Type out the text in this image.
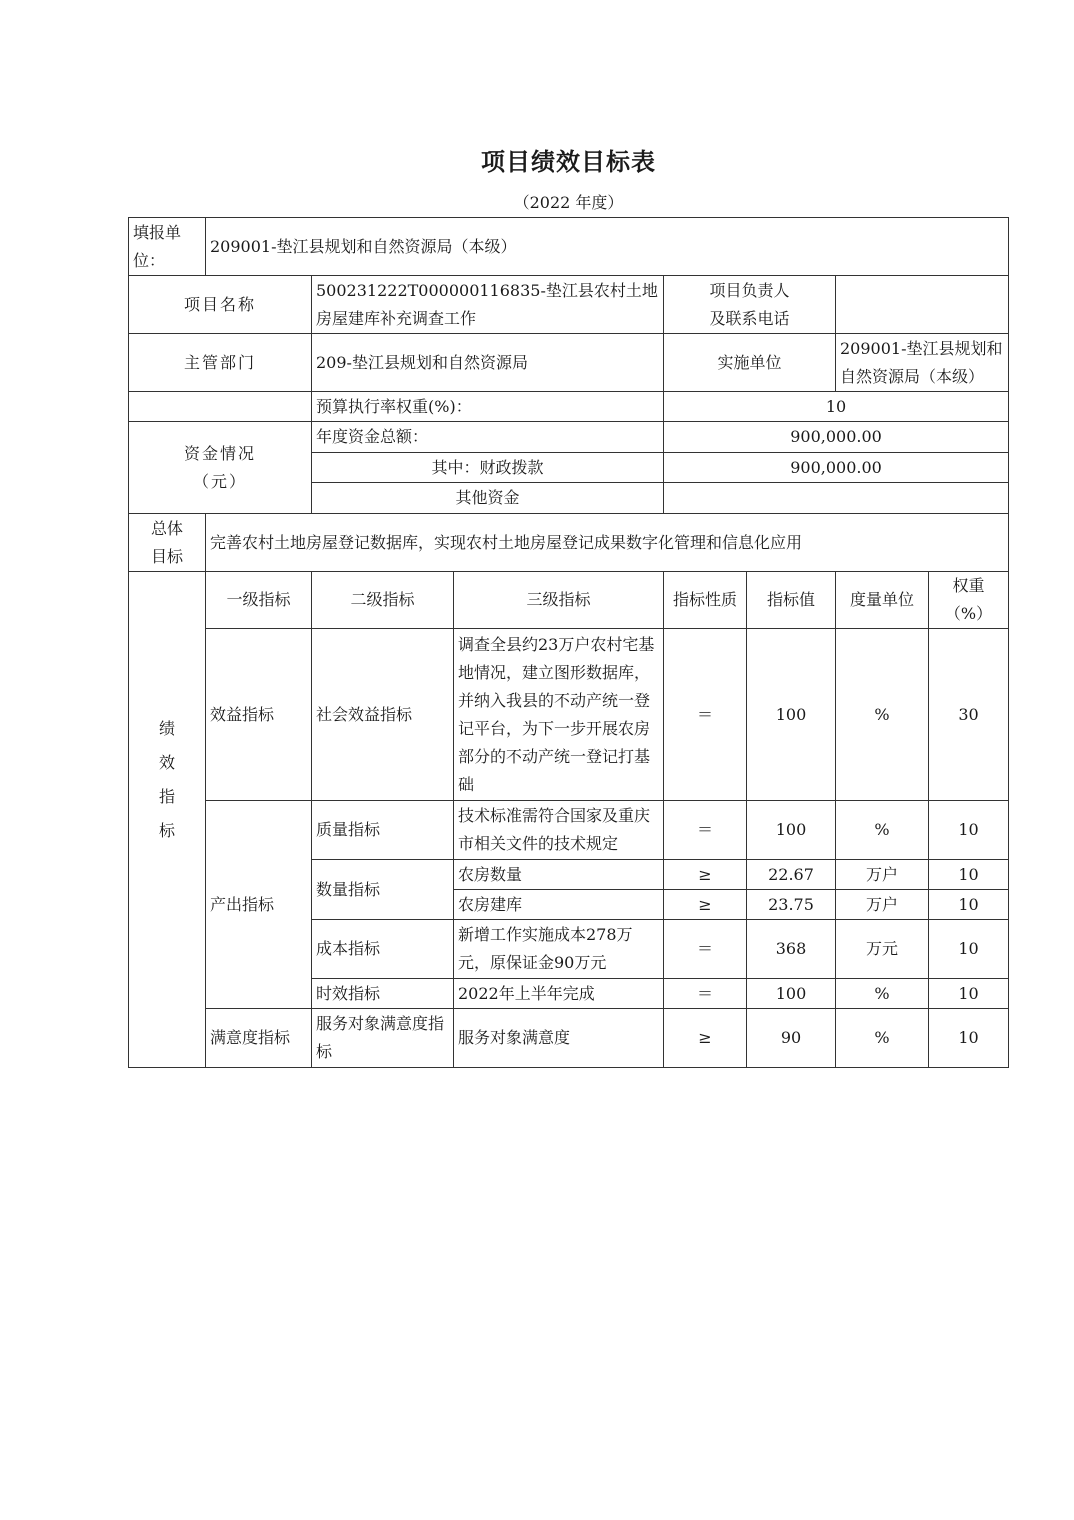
项目绩效目标表
（2022 年度）
填报单位：	209001-垫江县规划和自然资源局（本级）						
项目名称		500231222T000000116835-垫江县农村土地房屋建库补充调查工作		项目负责人及联系电话			
主管部门		209-垫江县规划和自然资源局		实施单位		209001-垫江县规划和自然资源局（本级）	
		预算执行率权重(%)：		10			
资金情况（元）		年度资金总额：		900,000.00			
		其中：财政拨款		900,000.00			
		其他资金					
总体目标	完善农村土地房屋登记数据库，实现农村土地房屋登记成果数字化管理和信息化应用						
绩效指标	一级指标	二级指标	三级指标	指标性质	指标值	度量单位	权重（%）
	效益指标	社会效益指标	调查全县约23万户农村宅基地情况，建立图形数据库，并纳入我县的不动产统一登记平台，为下一步开展农房部分的不动产统一登记打基础	＝	100	%	30
	产出指标	质量指标	技术标准需符合国家及重庆市相关文件的技术规定	＝	100	%	10
		数量指标	农房数量	≥	22.67	万户	10
			农房建库	≥	23.75	万户	10
		成本指标	新增工作实施成本278万元，原保证金90万元	＝	368	万元	10
		时效指标	2022年上半年完成	＝	100	%	10
	满意度指标	服务对象满意度指标	服务对象满意度	≥	90	%	10
